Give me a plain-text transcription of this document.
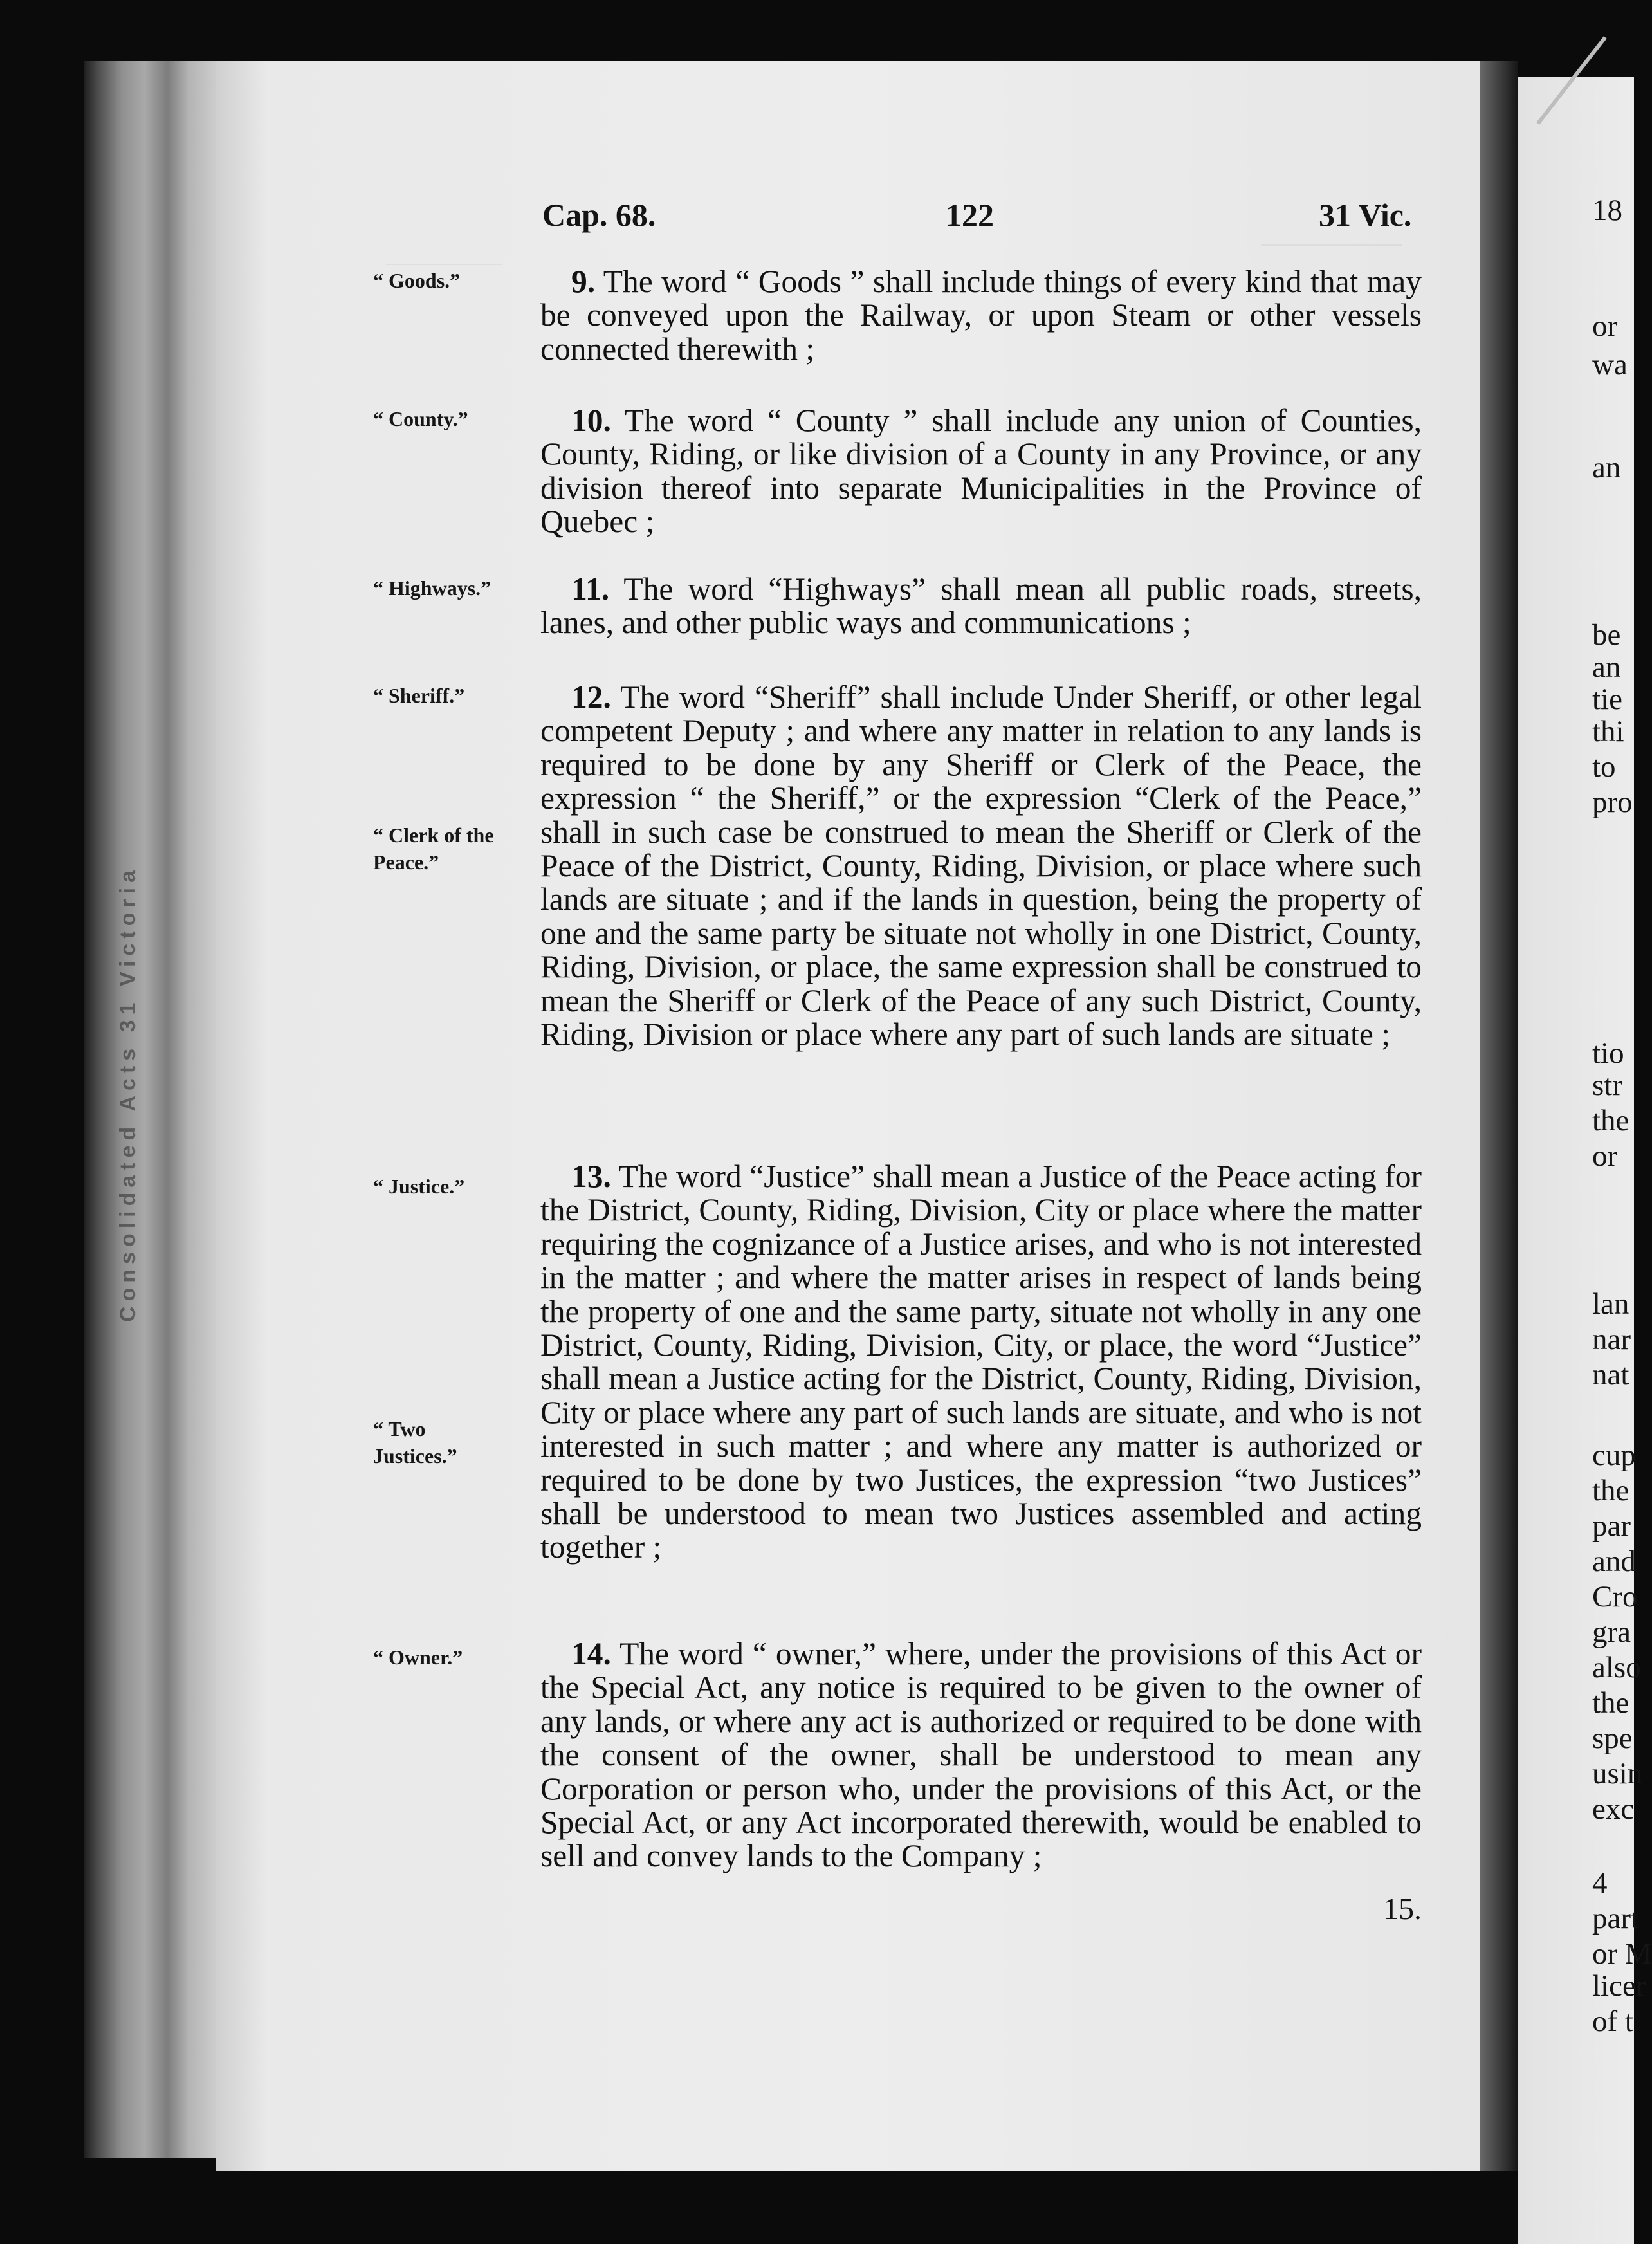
Consolidated Acts 31 Victoria
18
or
wa
an
be
an
tie
thi
to
pro
tio
str
the
or
lan
nar
nat
cup
the
par
and
Cro
gra
also
the
spe
usin
exc
4
part
or M
licer
of t
Cap. 68.	122	31 Vic.
“ Goods.”
“ County.”
“ Highways.”
“ Sheriff.”
“ Clerk of the Peace.”
“ Justice.”
“ Two Justices.”
“ Owner.”

9. The word “ Goods ” shall include things of every kind that may be conveyed upon the Railway, or upon Steam or other vessels connected therewith ;

10. The word “ County ” shall include any union of Counties, County, Riding, or like division of a County in any Province, or any division thereof into separate Municipalities in the Province of Quebec ;

11. The word “Highways” shall mean all public roads, streets, lanes, and other public ways and communications ;

12. The word “Sheriff” shall include Under Sheriff, or other legal competent Deputy ; and where any matter in relation to any lands is required to be done by any Sheriff or Clerk of the Peace, the expression “ the Sheriff,” or the expression “Clerk of the Peace,” shall in such case be construed to mean the Sheriff or Clerk of the Peace of the District, County, Riding, Division, or place where such lands are situate ; and if the lands in question, being the property of one and the same party be situate not wholly in one District, County, Riding, Division, or place, the same expression shall be construed to mean the Sheriff or Clerk of the Peace of any such District, County, Riding, Division or place where any part of such lands are situate ;

13. The word “Justice” shall mean a Justice of the Peace acting for the District, County, Riding, Division, City or place where the matter requiring the cognizance of a Justice arises, and who is not interested in the matter ; and where the matter arises in respect of lands being the property of one and the same party, situate not wholly in any one District, County, Riding, Division, City, or place, the word “Justice” shall mean a Justice acting for the District, County, Riding, Division, City or place where any part of such lands are situate, and who is not interested in such matter ; and where any matter is authorized or required to be done by two Justices, the expression “two Justices” shall be understood to mean two Justices assembled and acting together ;

14. The word “ owner,” where, under the provisions of this Act or the Special Act, any notice is required to be given to the owner of any lands, or where any act is authorized or required to be done with the consent of the owner, shall be understood to mean any Corporation or person who, under the provisions of this Act, or the Special Act, or any Act incorporated therewith, would be enabled to sell and convey lands to the Company ;

15.
